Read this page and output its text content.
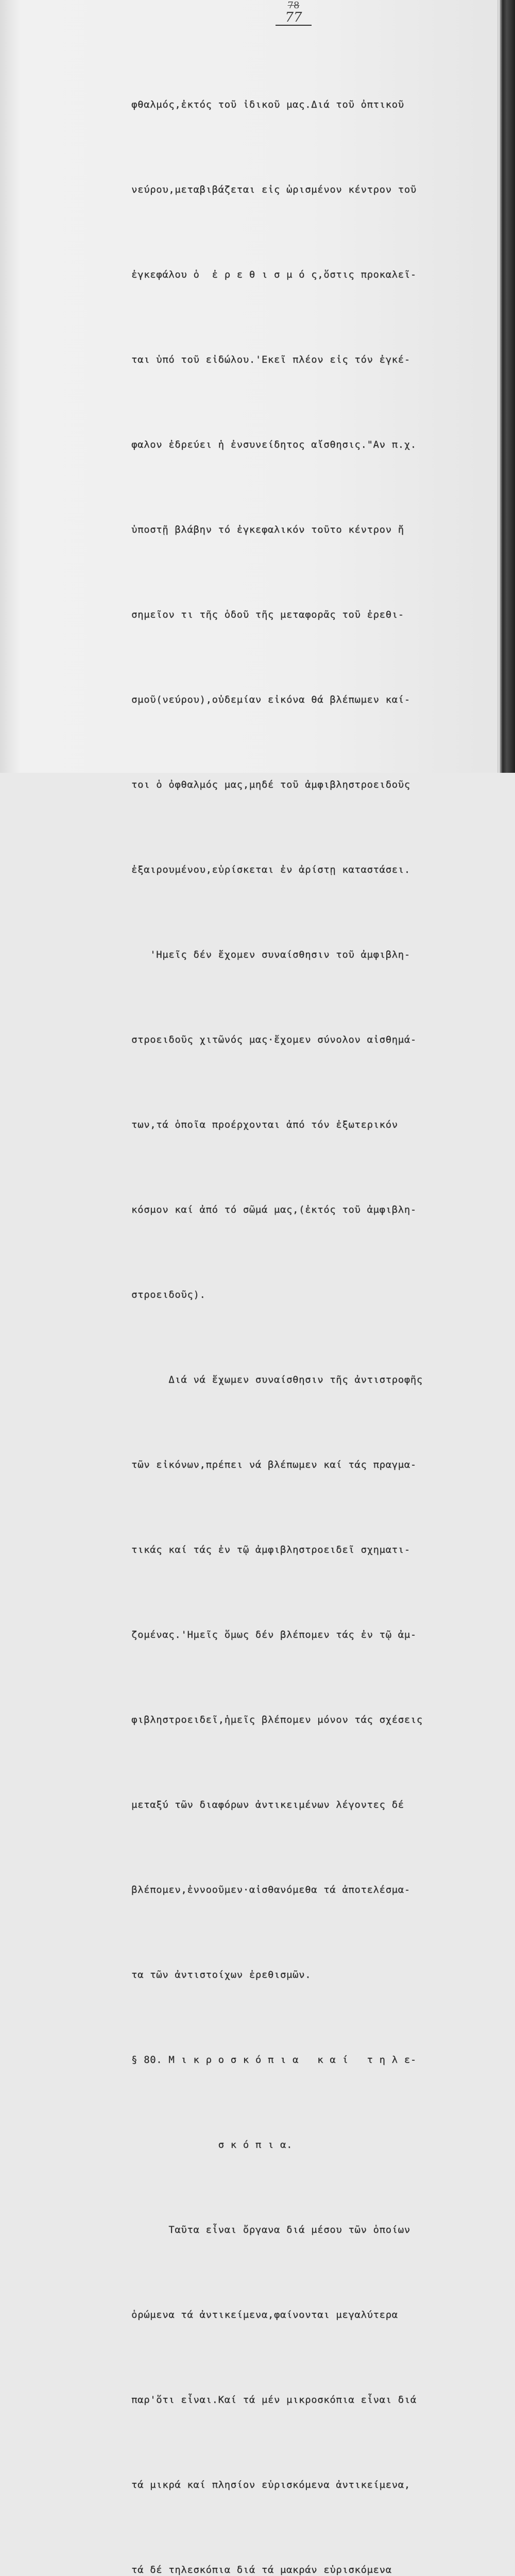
78
77

φθαλμός,ἐκτός τοῦ ἰδικοῦ μας.Διά τοῦ ὀπτικοῦ

νεύρου,μεταβιβάζεται εἰς ὡρισμένον κέντρον τοῦ

ἐγκεφάλου ὁ  ἐ ρ ε θ ι σ μ ό ς,ὅστις προκαλεῖ-

ται ὑπό τοῦ εἰδώλου.'Εκεῖ πλέον εἰς τόν ἐγκέ-

φαλον ἐδρεύει ἡ ἐνσυνείδητος αἴσθησις."Αν π.χ.

ὑποστῇ βλάβην τό ἐγκεφαλικόν τοῦτο κέντρον ἤ

σημεῖον τι τῆς ὁδοῦ τῆς μεταφορᾶς τοῦ ἐρεθι-

σμοῦ(νεύρου),οὐδεμίαν εἰκόνα θά βλέπωμεν καί-

τοι ὁ ὀφθαλμός μας,μηδέ τοῦ ἀμφιβληστροειδοῦς

ἐξαιρουμένου,εὑρίσκεται ἐν ἀρίστῃ καταστάσει.

'Ημεῖς δέν ἔχομεν συναίσθησιν τοῦ ἀμφιβλη-

στροειδοῦς χιτῶνός μας·ἔχομεν σύνολον αἰσθημά-

των,τά ὁποῖα προέρχονται ἀπό τόν ἐξωτερικόν

κόσμον καί ἀπό τό σῶμά μας,(ἐκτός τοῦ ἀμφιβλη-

στροειδοῦς).

Διά νά ἔχωμεν συναίσθησιν τῆς ἀντιστροφῆς

τῶν εἰκόνων,πρέπει νά βλέπωμεν καί τάς πραγμα-

τικάς καί τάς ἐν τῷ ἀμφιβληστροειδεῖ σχηματι-

ζομένας.'Ημεῖς ὅμως δέν βλέπομεν τάς ἐν τῷ ἀμ-

φιβληστροειδεῖ,ἡμεῖς βλέπομεν μόνον τάς σχέσεις

μεταξύ τῶν διαφόρων ἀντικειμένων λέγοντες δέ

βλέπομεν,ἐννοοῦμεν·αἰσθανόμεθα τά ἀποτελέσμα-

τα τῶν ἀντιστοίχων ἐρεθισμῶν.

§ 80. Μ ι κ ρ ο σ κ ό π ι α   κ α ί   τ η λ ε-

σ κ ό π ι α.

Ταῦτα εἶναι ὄργανα διά μέσου τῶν ὁποίων

ὁρώμενα τά ἀντικείμενα,φαίνονται μεγαλύτερα

παρ'ὅτι εἶναι.Καί τά μέν μικροσκόπια εἶναι διά

τά μικρά καί πλησίον εὑρισκόμενα ἀντικείμενα,

τά δέ τηλεσκόπια διά τά μακράν εὑρισκόμενα
